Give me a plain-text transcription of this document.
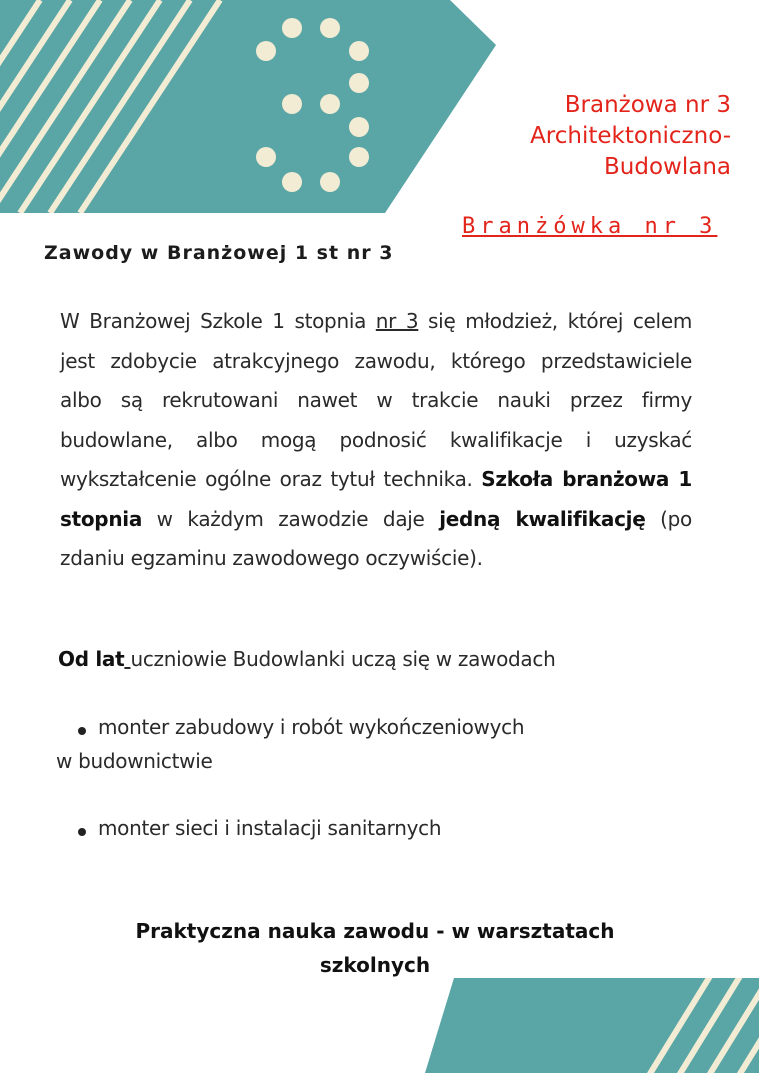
Branżowa nr 3
Architektoniczno-
Budowlana
Branżówka nr 3
Zawody w Branżowej 1 st nr 3
W Branżowej Szkole 1 stopnia nr 3 się młodzież, której celem jest zdobycie atrakcyjnego zawodu, którego przedstawiciele albo są rekrutowani nawet w trakcie nauki przez firmy budowlane, albo mogą podnosić kwalifikacje i uzyskać wykształcenie ogólne oraz tytuł technika. Szkoła branżowa 1 stopnia w każdym zawodzie daje jedną kwalifikację (po zdaniu egzaminu zawodowego oczywiście).
Od lat uczniowie Budowlanki uczą się w zawodach
monter zabudowy i robót wykończeniowych
w budownictwie
monter sieci i instalacji sanitarnych
Praktyczna nauka zawodu - w warsztatach szkolnych
